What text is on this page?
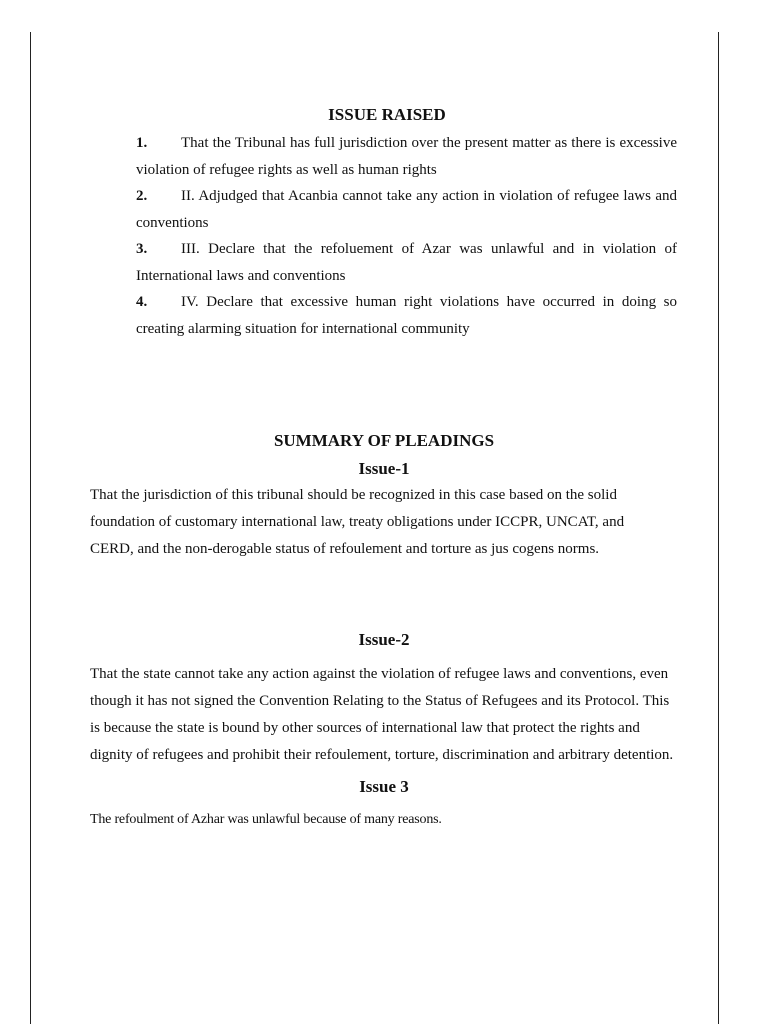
ISSUE RAISED
1. That the Tribunal has full jurisdiction over the present matter as there is excessive violation of refugee rights as well as human rights
2. II. Adjudged that Acanbia cannot take any action in violation of refugee laws and conventions
3. III. Declare that the refoluement of Azar was unlawful and in violation of International laws and conventions
4. IV. Declare that excessive human right violations have occurred in doing so creating alarming situation for international community
SUMMARY OF PLEADINGS
Issue-1

That the jurisdiction of this tribunal should be recognized in this case based on the solid foundation of customary international law, treaty obligations under ICCPR, UNCAT, and CERD, and the non-derogable status of refoulement and torture as jus cogens norms.

Issue-2

That the state cannot take any action against the violation of refugee laws and conventions, even though it has not signed the Convention Relating to the Status of Refugees and its Protocol. This is because the state is bound by other sources of international law that protect the rights and dignity of refugees and prohibit their refoulement, torture, discrimination and arbitrary detention.

Issue 3

The refoulment of Azhar was unlawful because of many reasons.
